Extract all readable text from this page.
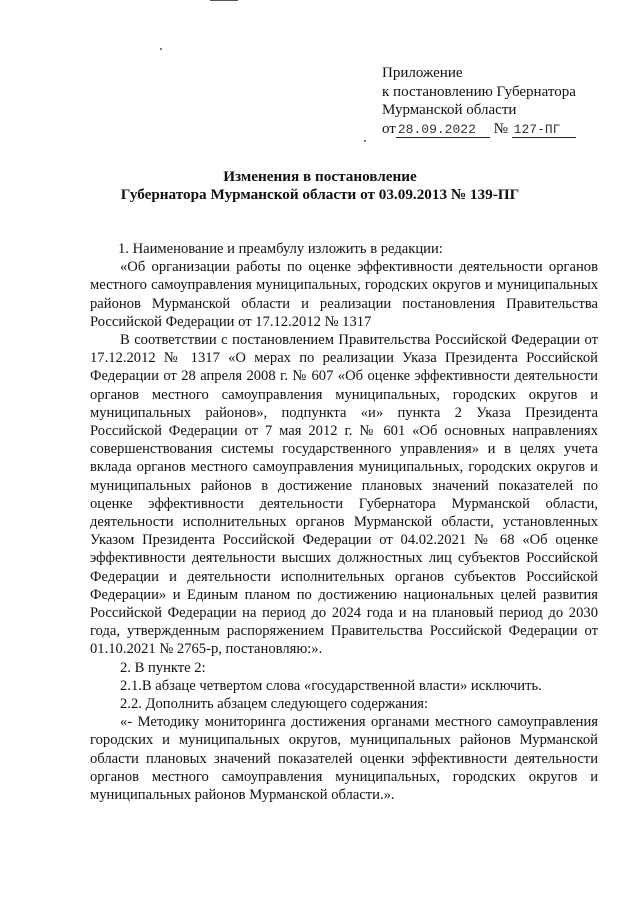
Приложение
к постановлению Губернатора
Мурманской области
от 28.09.2022 № 127-ПГ
Изменения в постановление
Губернатора Мурманской области от 03.09.2013 № 139-ПГ

1. Наименование и преамбулу изложить в редакции:

«Об организации работы по оценке эффективности деятельности органов местного самоуправления муниципальных, городских округов и муниципальных районов Мурманской области и реализации постановления Правительства Российской Федерации от 17.12.2012 № 1317

В соответствии с постановлением Правительства Российской Федерации от 17.12.2012 № 1317 «О мерах по реализации Указа Президента Российской Федерации от 28 апреля 2008 г. № 607 «Об оценке эффективности деятельности органов местного самоуправления муниципальных, городских округов и муниципальных районов», подпункта «и» пункта 2 Указа Президента Российской Федерации от 7 мая 2012 г. № 601 «Об основных направлениях совершенствования системы государственного управления» и в целях учета вклада органов местного самоуправления муниципальных, городских округов и муниципальных районов в достижение плановых значений показателей по оценке эффективности деятельности Губернатора Мурманской области, деятельности исполнительных органов Мурманской области, установленных Указом Президента Российской Федерации от 04.02.2021 № 68 «Об оценке эффективности деятельности высших должностных лиц субъектов Российской Федерации и деятельности исполнительных органов субъектов Российской Федерации» и Единым планом по достижению национальных целей развития Российской Федерации на период до 2024 года и на плановый период до 2030 года, утвержденным распоряжением Правительства Российской Федерации от 01.10.2021 № 2765-р, постановляю:».

2. В пункте 2:

2.1.В абзаце четвертом слова «государственной власти» исключить.

2.2. Дополнить абзацем следующего содержания:

«- Методику мониторинга достижения органами местного самоуправления городских и муниципальных округов, муниципальных районов Мурманской области плановых значений показателей оценки эффективности деятельности органов местного самоуправления муниципальных, городских округов и муниципальных районов Мурманской области.».
